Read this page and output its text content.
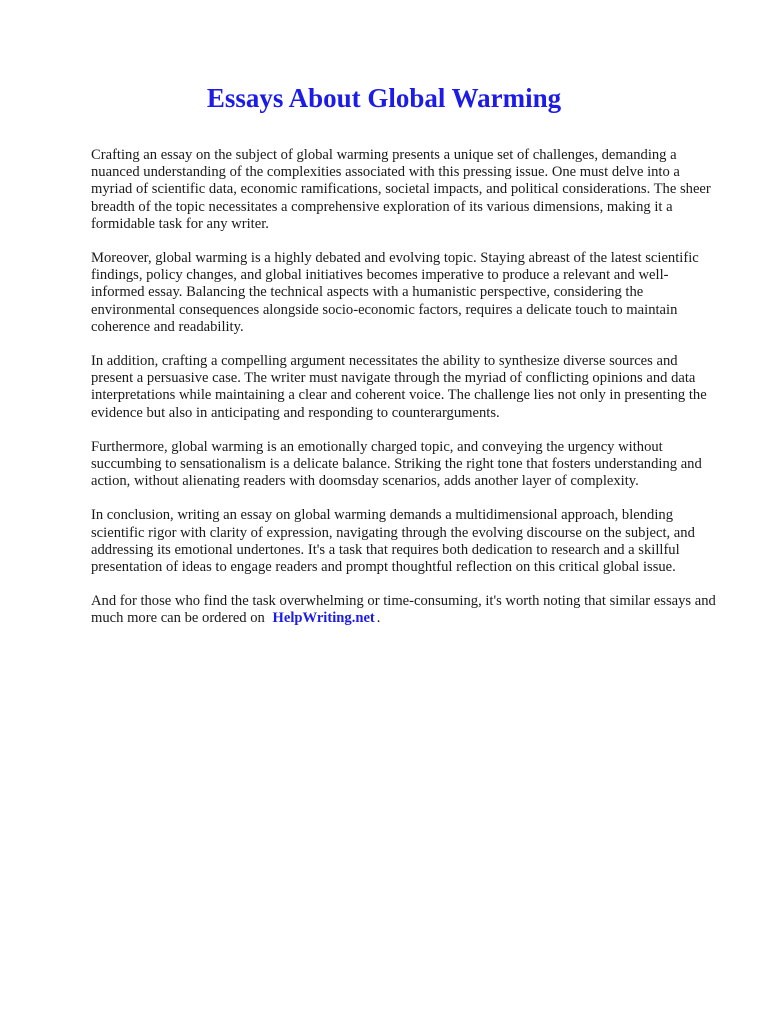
Essays About Global Warming

Crafting an essay on the subject of global warming presents a unique set of challenges, demanding a nuanced understanding of the complexities associated with this pressing issue. One must delve into a myriad of scientific data, economic ramifications, societal impacts, and political considerations. The sheer breadth of the topic necessitates a comprehensive exploration of its various dimensions, making it a formidable task for any writer.

Moreover, global warming is a highly debated and evolving topic. Staying abreast of the latest scientific findings, policy changes, and global initiatives becomes imperative to produce a relevant and well-informed essay. Balancing the technical aspects with a humanistic perspective, considering the environmental consequences alongside socio-economic factors, requires a delicate touch to maintain coherence and readability.

In addition, crafting a compelling argument necessitates the ability to synthesize diverse sources and present a persuasive case. The writer must navigate through the myriad of conflicting opinions and data interpretations while maintaining a clear and coherent voice. The challenge lies not only in presenting the evidence but also in anticipating and responding to counterarguments.

Furthermore, global warming is an emotionally charged topic, and conveying the urgency without succumbing to sensationalism is a delicate balance. Striking the right tone that fosters understanding and action, without alienating readers with doomsday scenarios, adds another layer of complexity.

In conclusion, writing an essay on global warming demands a multidimensional approach, blending scientific rigor with clarity of expression, navigating through the evolving discourse on the subject, and addressing its emotional undertones. It's a task that requires both dedication to research and a skillful presentation of ideas to engage readers and prompt thoughtful reflection on this critical global issue.

And for those who find the task overwhelming or time-consuming, it's worth noting that similar essays and much more can be ordered on HelpWriting.net .
